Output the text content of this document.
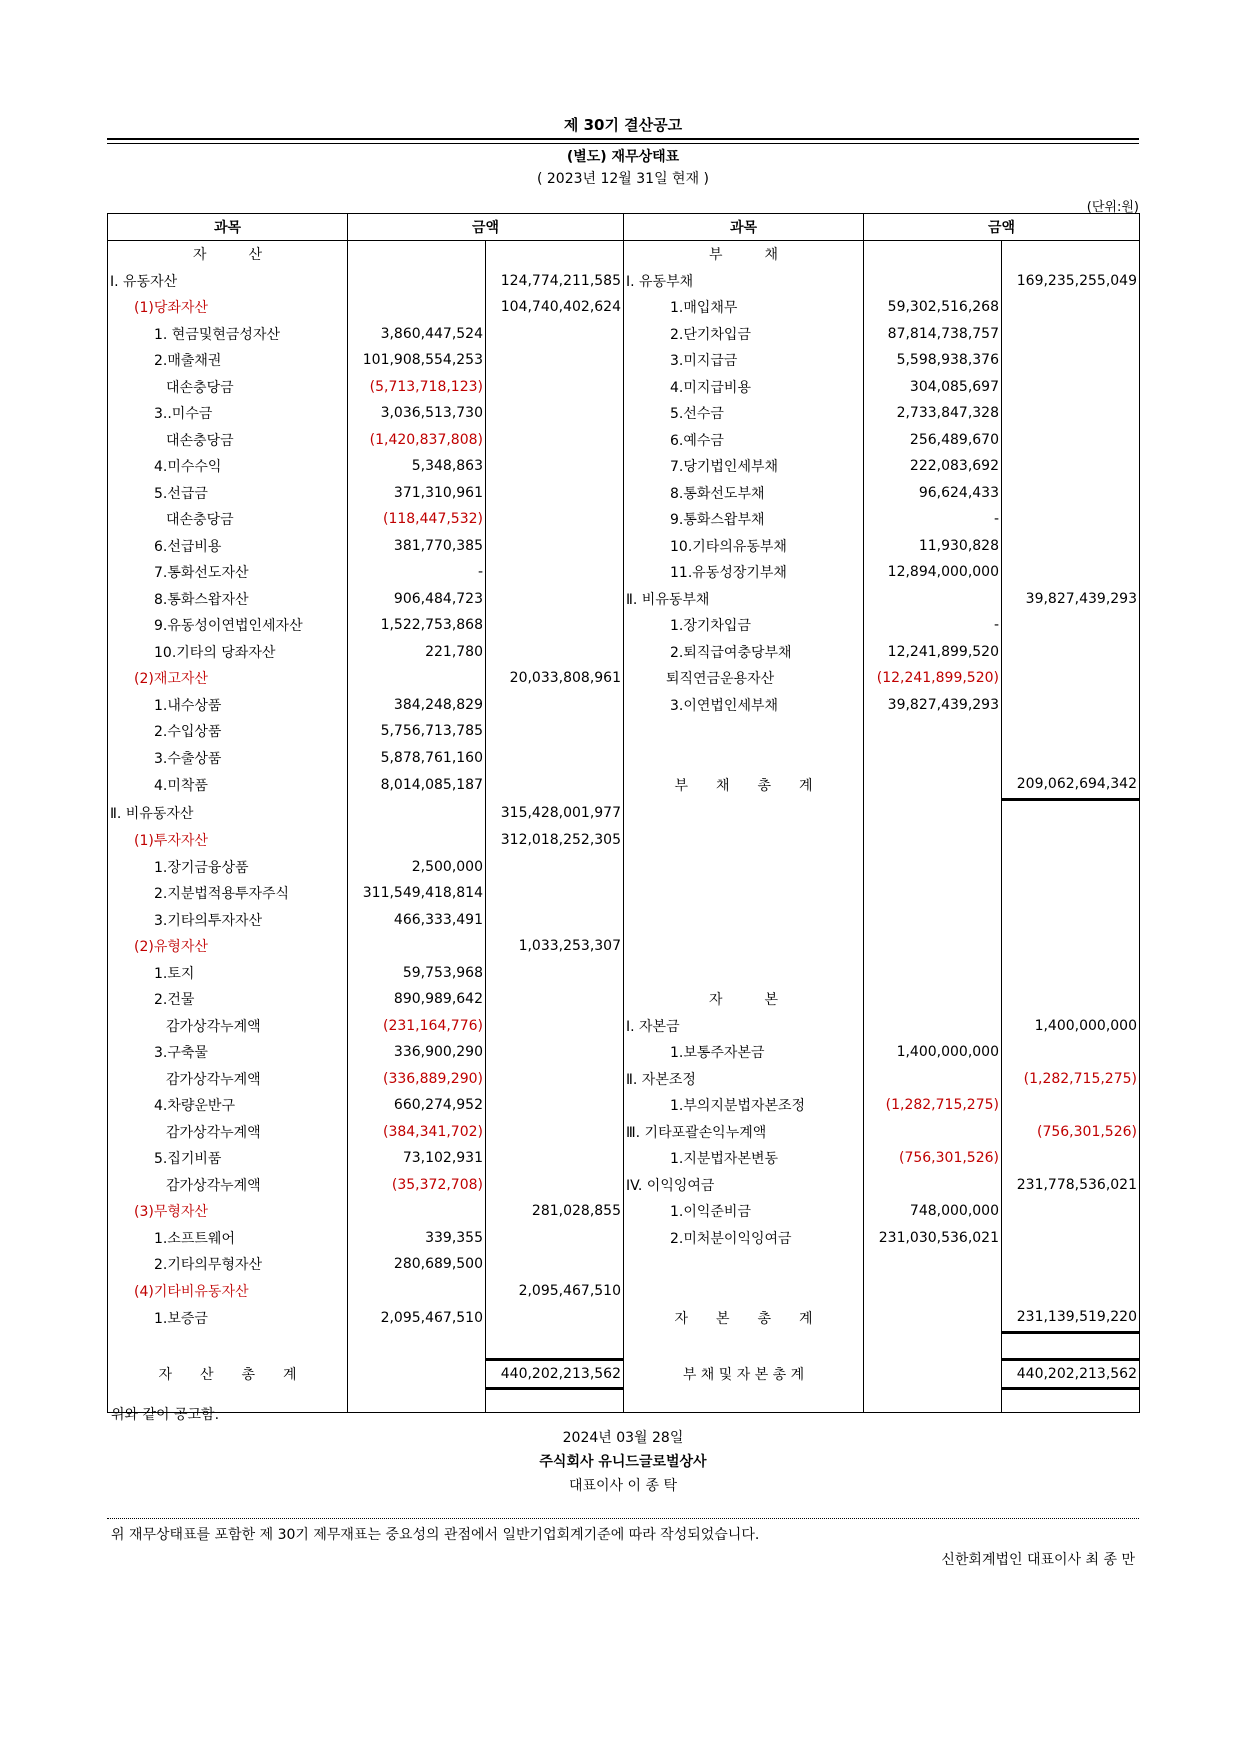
제 30기 결산공고
(별도) 재무상태표
( 2023년 12월 31일 현재 )
(단위:원)
과목	금액		과목	금액	
자　　　산			부　　　채		
Ⅰ. 유동자산		124,774,211,585	Ⅰ. 유동부채		169,235,255,049
(1)당좌자산		104,740,402,624	1.매입채무	59,302,516,268	
1. 현금및현금성자산	3,860,447,524		2.단기차입금	87,814,738,757	
2.매출채권	101,908,554,253		3.미지급금	5,598,938,376	
대손충당금	(5,713,718,123)		4.미지급비용	304,085,697	
3..미수금	3,036,513,730		5.선수금	2,733,847,328	
대손충당금	(1,420,837,808)		6.예수금	256,489,670	
4.미수수익	5,348,863		7.당기법인세부채	222,083,692	
5.선급금	371,310,961		8.통화선도부채	96,624,433	
대손충당금	(118,447,532)		9.통화스왑부채	-	
6.선급비용	381,770,385		10.기타의유동부채	11,930,828	
7.통화선도자산	-		11.유동성장기부채	12,894,000,000	
8.통화스왑자산	906,484,723		Ⅱ. 비유동부채		39,827,439,293
9.유동성이연법인세자산	1,522,753,868		1.장기차입금	-	
10.기타의 당좌자산	221,780		2.퇴직급여충당부채	12,241,899,520	
(2)재고자산		20,033,808,961	퇴직연금운용자산	(12,241,899,520)	
1.내수상품	384,248,829		3.이연법인세부채	39,827,439,293	
2.수입상품	5,756,713,785				
3.수출상품	5,878,761,160				
4.미착품	8,014,085,187		부　　채　　총　　계		209,062,694,342
Ⅱ. 비유동자산		315,428,001,977			
(1)투자자산		312,018,252,305			
1.장기금융상품	2,500,000				
2.지분법적용투자주식	311,549,418,814				
3.기타의투자자산	466,333,491				
(2)유형자산		1,033,253,307			
1.토지	59,753,968				
2.건물	890,989,642		자　　　본		
감가상각누계액	(231,164,776)		Ⅰ. 자본금		1,400,000,000
3.구축물	336,900,290		1.보통주자본금	1,400,000,000	
감가상각누계액	(336,889,290)		Ⅱ. 자본조정		(1,282,715,275)
4.차량운반구	660,274,952		1.부의지분법자본조정	(1,282,715,275)	
감가상각누계액	(384,341,702)		Ⅲ. 기타포괄손익누계액		(756,301,526)
5.집기비품	73,102,931		1.지분법자본변동	(756,301,526)	
감가상각누계액	(35,372,708)		IV. 이익잉여금		231,778,536,021
(3)무형자산		281,028,855	1.이익준비금	748,000,000	
1.소프트웨어	339,355		2.미처분이익잉여금	231,030,536,021	
2.기타의무형자산	280,689,500				
(4)기타비유동자산		2,095,467,510			
1.보증금	2,095,467,510		자　　본　　총　　계		231,139,519,220

자　　산　　총　　계		440,202,213,562	부 채 및 자 본 총 계		440,202,213,562

위와 같이 공고함.
2024년 03월 28일
주식회사 유니드글로벌상사
대표이사 이 종 탁
위 재무상태표를 포함한 제 30기 제무재표는 중요성의 관점에서 일반기업회계기준에 따라 작성되었습니다.
신한회계법인 대표이사 최 종 만
